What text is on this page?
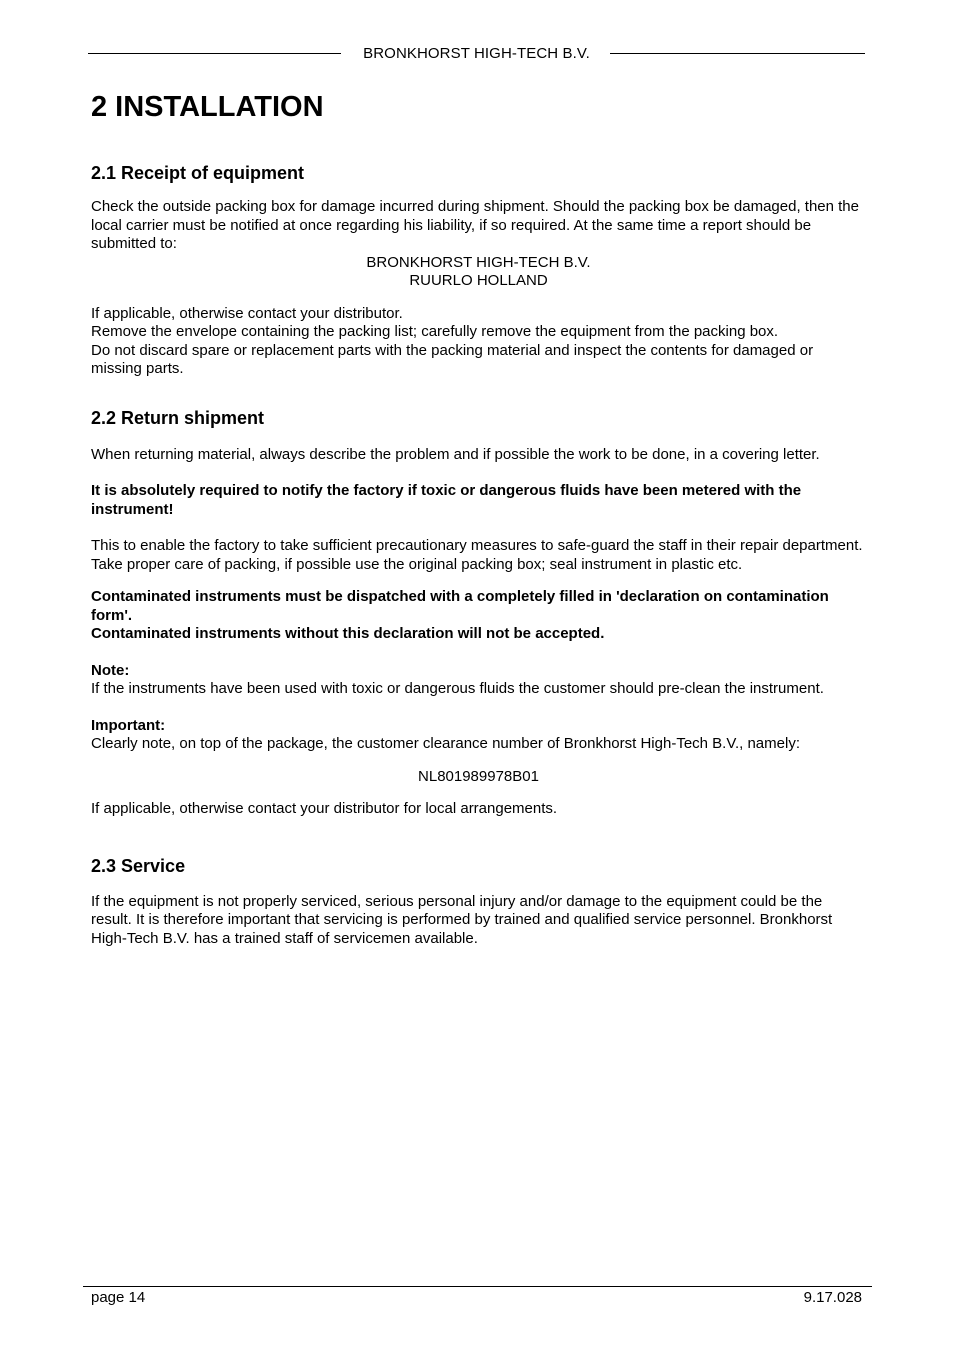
BRONKHORST HIGH-TECH B.V.
2 INSTALLATION
2.1 Receipt of equipment

Check the outside packing box for damage incurred during shipment. Should the packing box be damaged, then the local carrier must be notified at once regarding his liability, if so required. At the same time a report should be submitted to:

BRONKHORST HIGH-TECH B.V.

RUURLO HOLLAND

If applicable, otherwise contact your distributor.

Remove the envelope containing the packing list; carefully remove the equipment from the packing box.

Do not discard spare or replacement parts with the packing material and inspect the contents for damaged or missing parts.

2.2 Return shipment

When returning material, always describe the problem and if possible the work to be done, in a covering letter.

It is absolutely required to notify the factory if toxic or dangerous fluids have been metered with the instrument!

This to enable the factory to take sufficient precautionary measures to safe-guard the staff in their repair department. Take proper care of packing, if possible use the original packing box; seal instrument in plastic etc.

Contaminated instruments must be dispatched with a completely filled in 'declaration on contamination form'.

Contaminated instruments without this declaration will not be accepted.

Note:

If the instruments have been used with toxic or dangerous fluids the customer should pre-clean the instrument.

Important:

Clearly note, on top of the package, the customer clearance number of Bronkhorst High-Tech B.V., namely:

NL801989978B01

If applicable, otherwise contact your distributor for local arrangements.

2.3 Service

If the equipment is not properly serviced, serious personal injury and/or damage to the equipment could be the result. It is therefore important that servicing is performed by trained and qualified service personnel. Bronkhorst High-Tech B.V. has a trained staff of servicemen available.

page 14	9.17.028
